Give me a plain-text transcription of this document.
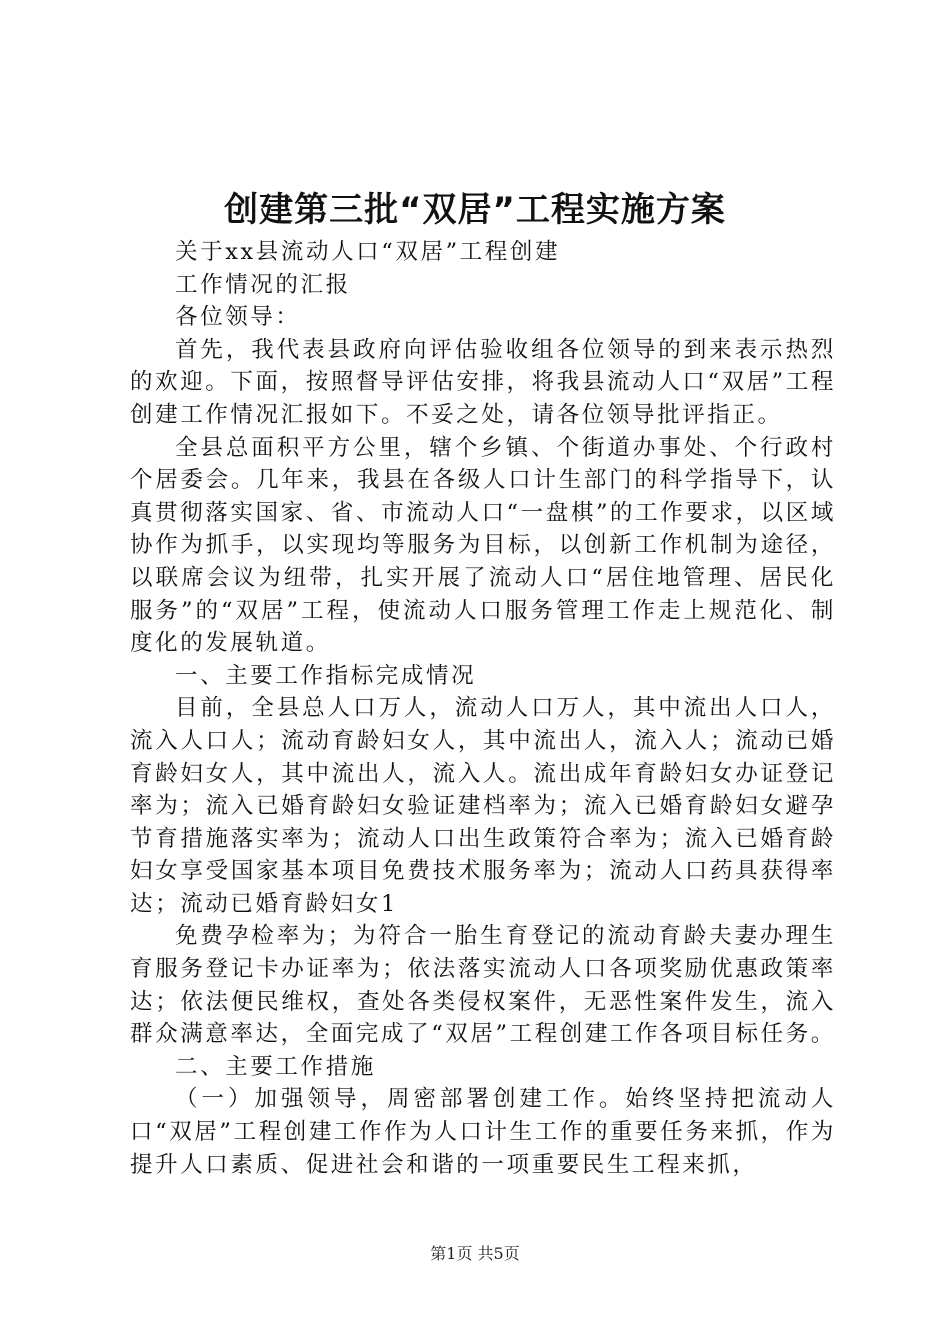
创建第三批“双居”工程实施方案

关于xx县流动人口“双居”工程创建

工作情况的汇报

各位领导：

首先，我代表县政府向评估验收组各位领导的到来表示热烈的欢迎。下面，按照督导评估安排，将我县流动人口“双居”工程创建工作情况汇报如下。不妥之处，请各位领导批评指正。

全县总面积平方公里，辖个乡镇、个街道办事处、个行政村个居委会。几年来，我县在各级人口计生部门的科学指导下，认真贯彻落实国家、省、市流动人口“一盘棋”的工作要求，以区域协作为抓手，以实现均等服务为目标，以创新工作机制为途径，以联席会议为纽带，扎实开展了流动人口“居住地管理、居民化服务”的“双居”工程，使流动人口服务管理工作走上规范化、制度化的发展轨道。

一、主要工作指标完成情况

目前，全县总人口万人，流动人口万人，其中流出人口人，流入人口人；流动育龄妇女人，其中流出人，流入人；流动已婚育龄妇女人，其中流出人，流入人。流出成年育龄妇女办证登记率为；流入已婚育龄妇女验证建档率为；流入已婚育龄妇女避孕节育措施落实率为；流动人口出生政策符合率为；流入已婚育龄妇女享受国家基本项目免费技术服务率为；流动人口药具获得率达；流动已婚育龄妇女1

免费孕检率为；为符合一胎生育登记的流动育龄夫妻办理生育服务登记卡办证率为；依法落实流动人口各项奖励优惠政策率达；依法便民维权，查处各类侵权案件，无恶性案件发生，流入群众满意率达，全面完成了“双居”工程创建工作各项目标任务。

二、主要工作措施

（一）加强领导，周密部署创建工作。始终坚持把流动人口“双居”工程创建工作作为人口计生工作的重要任务来抓，作为提升人口素质、促进社会和谐的一项重要民生工程来抓，

第1页 共5页
